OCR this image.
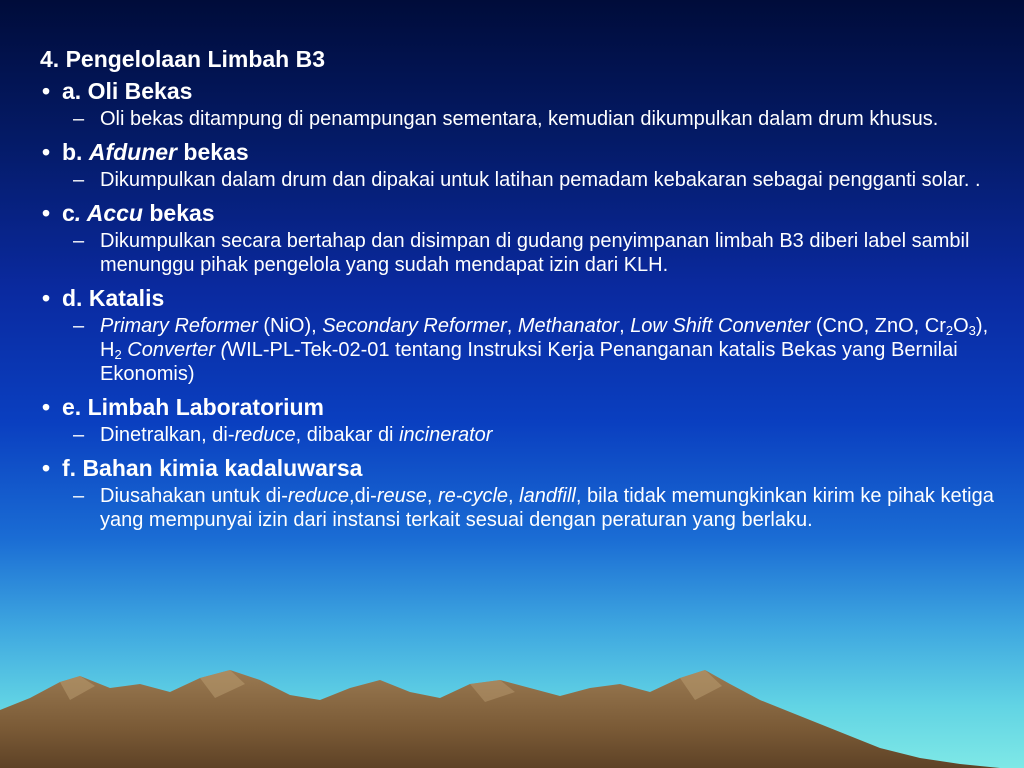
4. Pengelolaan Limbah B3
• a. Oli Bekas
– Oli bekas ditampung di penampungan sementara, kemudian dikumpulkan dalam drum khusus.
• b. Afduner bekas
– Dikumpulkan dalam drum dan dipakai untuk latihan pemadam kebakaran sebagai pengganti solar. .
• c. Accu bekas
– Dikumpulkan secara bertahap dan disimpan di gudang penyimpanan limbah B3 diberi label sambil menunggu pihak pengelola yang sudah mendapat izin dari KLH.
• d. Katalis
– Primary Reformer (NiO), Secondary Reformer, Methanator, Low Shift Conventer (CnO, ZnO, $Cr_2O_3$), $H_2$ Converter (WIL-PL-Tek-02-01 tentang Instruksi Kerja Penanganan katalis Bekas yang Bernilai Ekonomis)
• e. Limbah Laboratorium
– Dinetralkan, di-reduce, dibakar di incinerator
• f. Bahan kimia kadaluwarsa
– Diusahakan untuk di-reduce,di-reuse, re-cycle, landfill, bila tidak memungkinkan kirim ke pihak ketiga yang mempunyai izin dari instansi terkait sesuai dengan peraturan yang berlaku.
